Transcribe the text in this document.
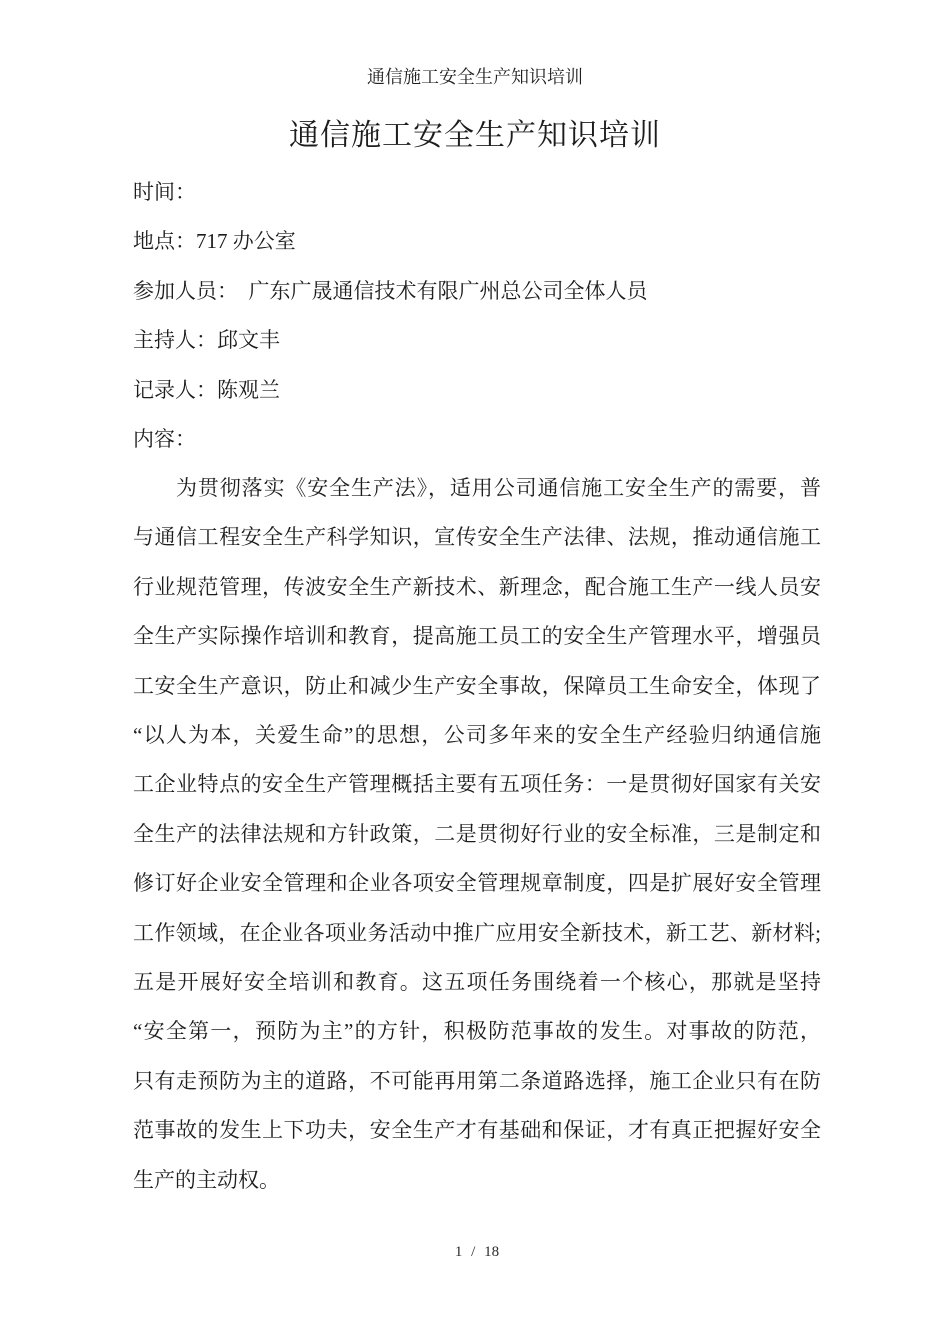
通信施工安全生产知识培训
通信施工安全生产知识培训
时间：
地点：717 办公室
参加人员：　广东广晟通信技术有限广州总公司全体人员
主持人：邱文丰
记录人：陈观兰
内容：
为贯彻落实《安全生产法》，适用公司通信施工安全生产的需要，普
与通信工程安全生产科学知识，宣传安全生产法律、法规，推动通信施工
行业规范管理，传波安全生产新技术、新理念，配合施工生产一线人员安
全生产实际操作培训和教育，提高施工员工的安全生产管理水平，增强员
工安全生产意识，防止和减少生产安全事故，保障员工生命安全，体现了
“以人为本，关爱生命”的思想，公司多年来的安全生产经验归纳通信施
工企业特点的安全生产管理概括主要有五项任务：一是贯彻好国家有关安
全生产的法律法规和方针政策，二是贯彻好行业的安全标准，三是制定和
修订好企业安全管理和企业各项安全管理规章制度，四是扩展好安全管理
工作领域，在企业各项业务活动中推广应用安全新技术，新工艺、新材料;
五是开展好安全培训和教育。这五项任务围绕着一个核心，那就是坚持
“安全第一，预防为主”的方针，积极防范事故的发生。对事故的防范，
只有走预防为主的道路，不可能再用第二条道路选择，施工企业只有在防
范事故的发生上下功夫，安全生产才有基础和保证，才有真正把握好安全
生产的主动权。
1 / 18
